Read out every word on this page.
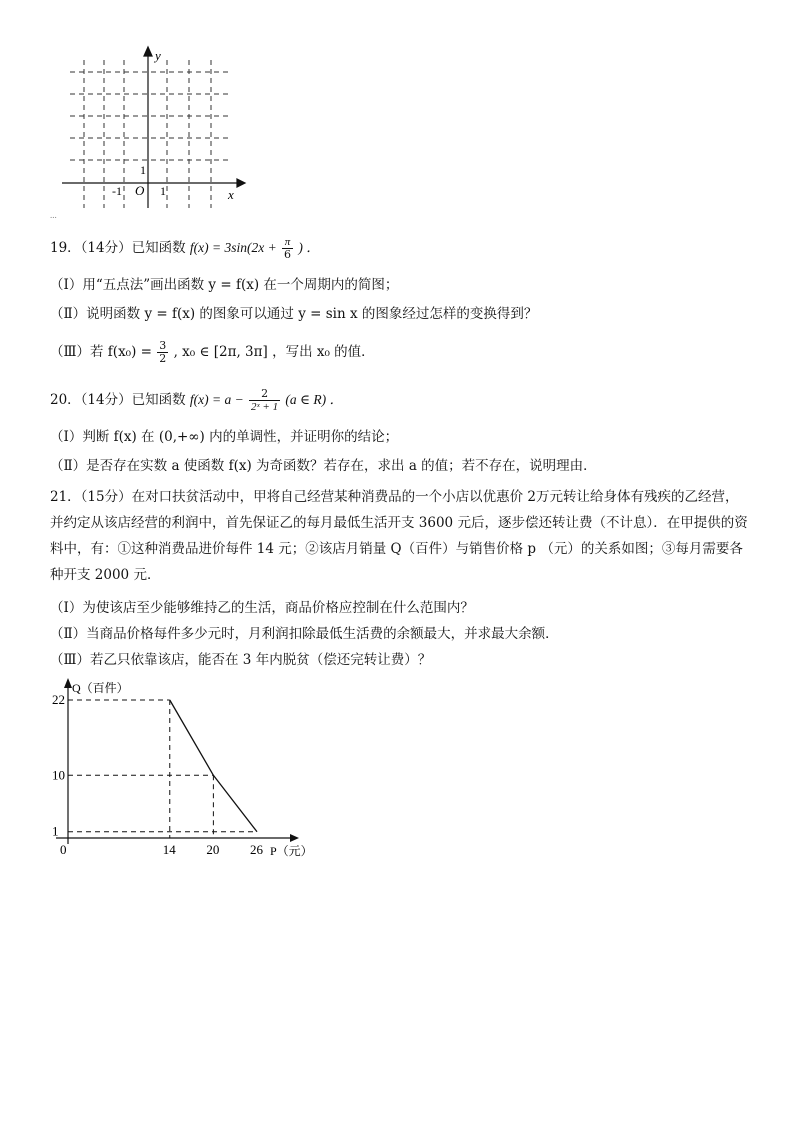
y
x
O
-1	1
1
...
19．（14分）已知函数 $f(x) = 3\sin(2x + \frac{\pi}{6}$ ) ．
（Ⅰ）用“五点法”画出函数 y = f(x) 在一个周期内的简图；
（Ⅱ）说明函数 y = f(x) 的图象可以通过 y = sin x 的图象经过怎样的变换得到？
（Ⅲ）若 $f(x_0) = \frac{3}{2}$ , x₀ ∈ [2π, 3π] ，写出 x₀ 的值．
20．（14分）已知函数 $f(x) = a - \frac{2}{\text{2ˣ + 1}} (a$ ∈ R) ．
（Ⅰ）判断 f(x) 在 (0,+∞) 内的单调性，并证明你的结论；
（Ⅱ）是否存在实数 a 使函数 f(x) 为奇函数？若存在，求出 a 的值；若不存在，说明理由．
21．（15分）在对口扶贫活动中，甲将自己经营某种消费品的一个小店以优惠价 2万元转让给身体有残疾的乙经营，并约定从该店经营的利润中，首先保证乙的每月最低生活开支 3600 元后，逐步偿还转让费（不计息）．在甲提供的资料中，有：①这种消费品进价每件 14 元；②该店月销量 Q（百件）与销售价格 p （元）的关系如图；③每月需要各种开支 2000 元．
（Ⅰ）为使该店至少能够维持乙的生活，商品价格应控制在什么范围内？
（Ⅱ）当商品价格每件多少元时，月利润扣除最低生活费的余额最大，并求最大余额．
（Ⅲ）若乙只依靠该店，能否在 3 年内脱贫（偿还完转让费）？
0	14 20 26
22
10
1
Q（百件）
P（元）
